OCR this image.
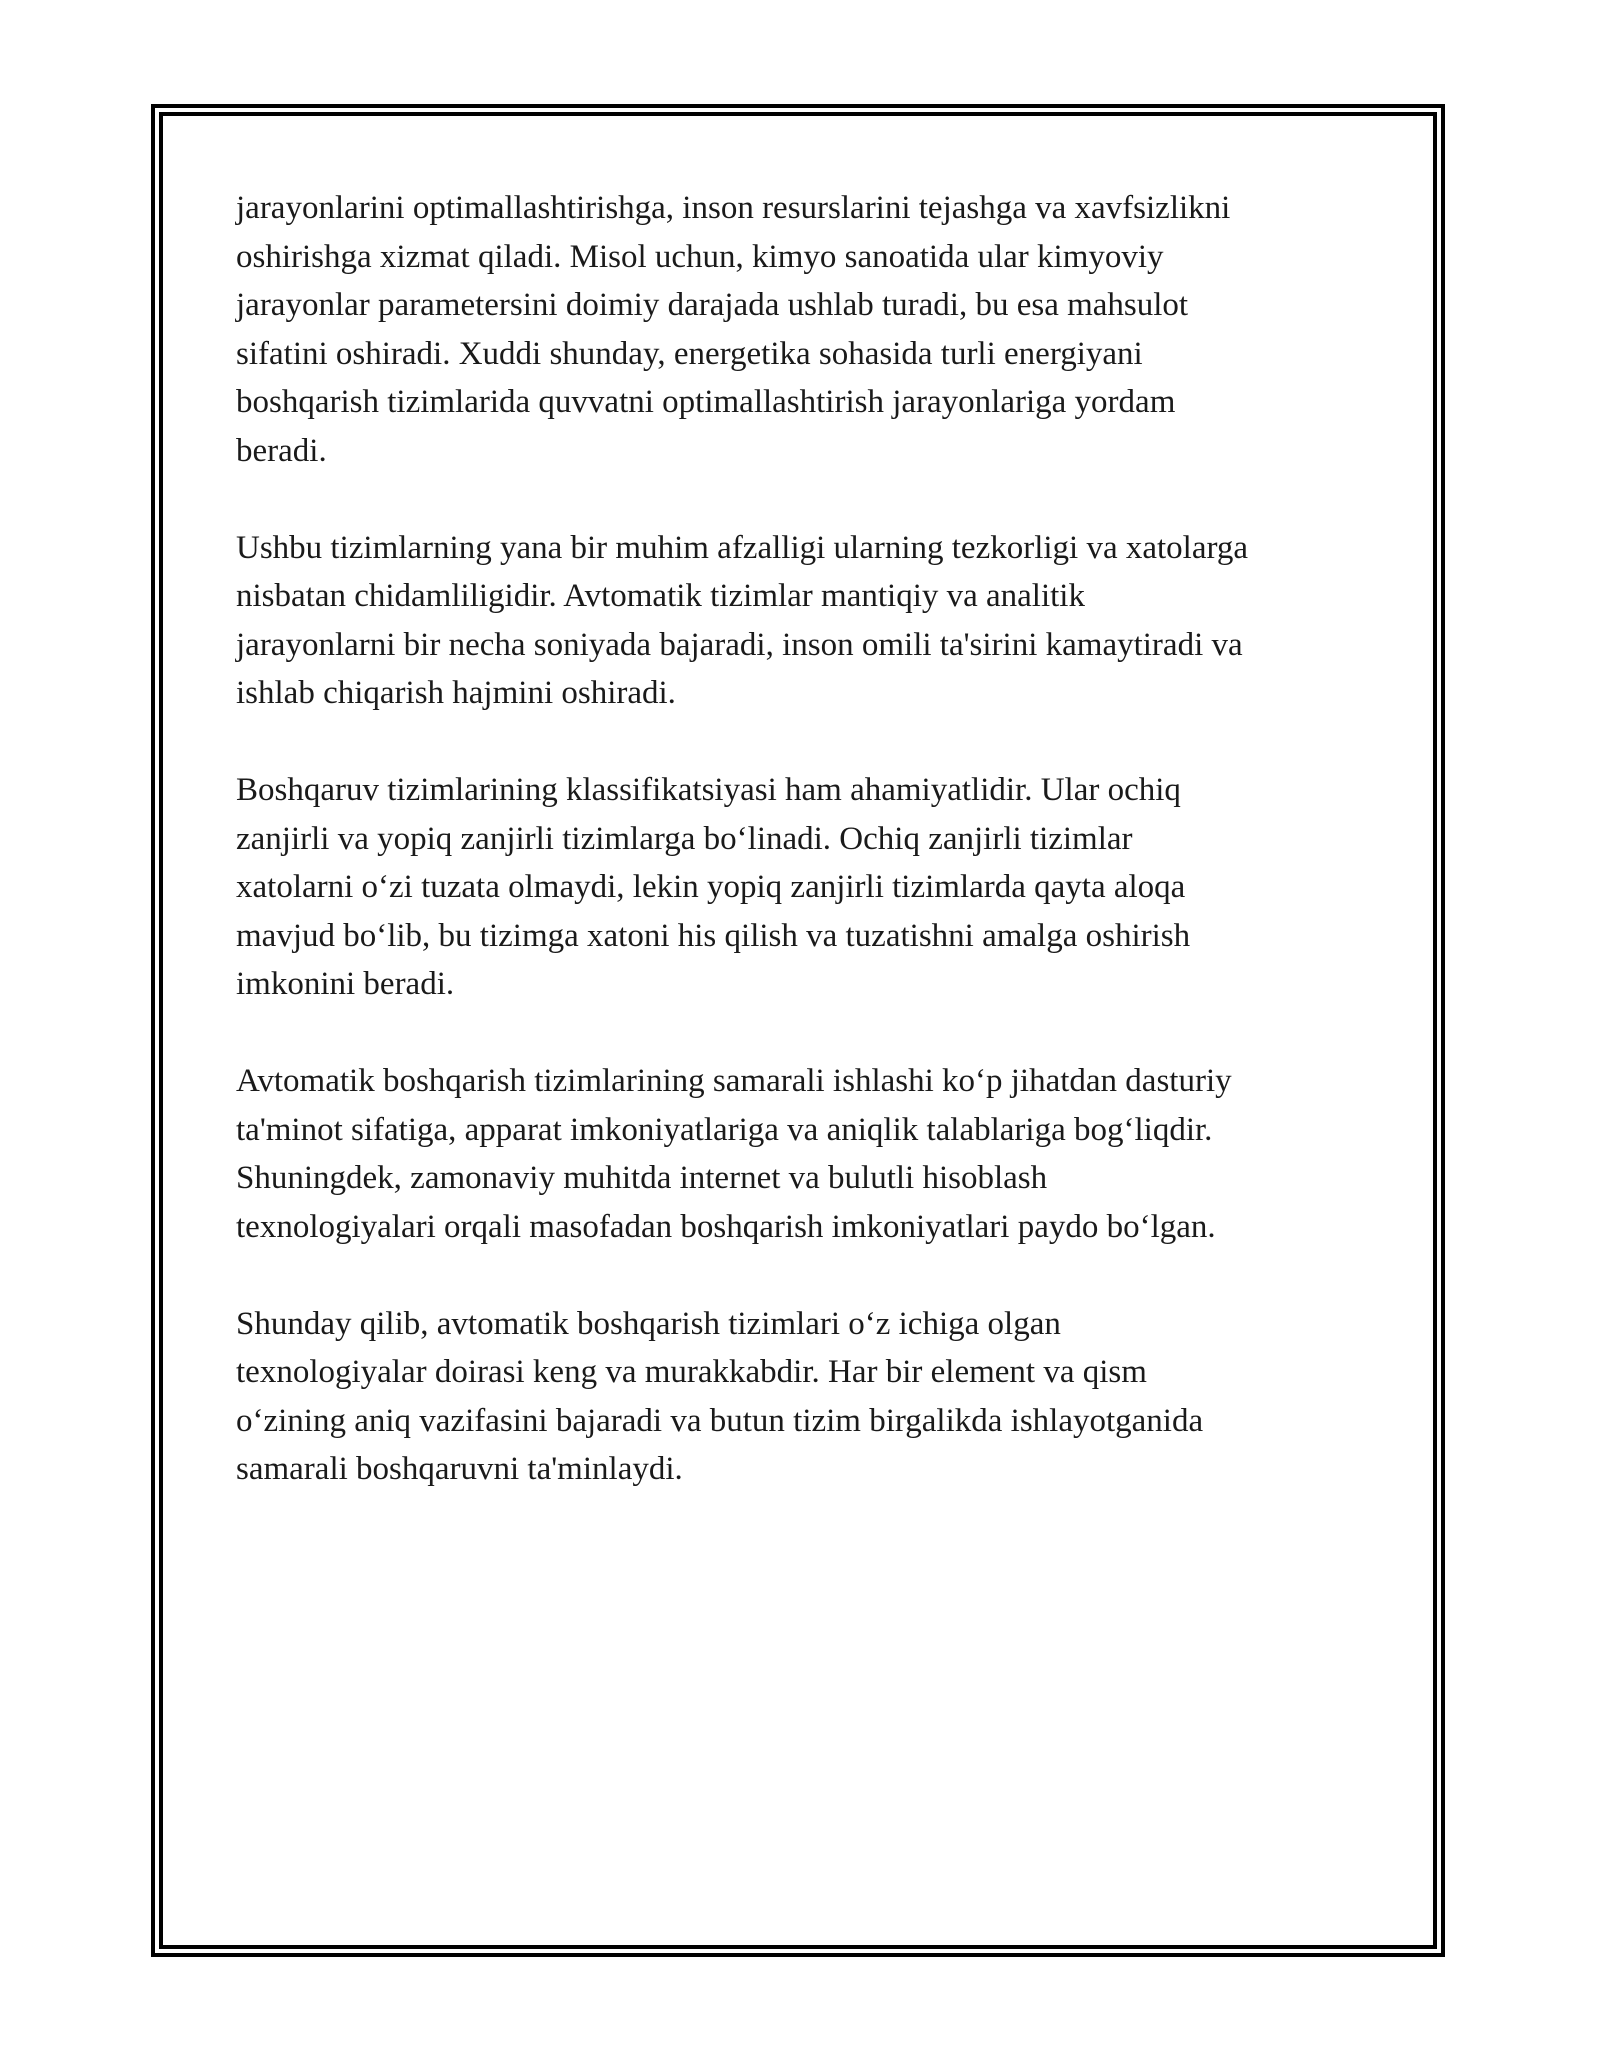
jarayonlarini optimallashtirishga, inson resurslarini tejashga va xavfsizlikni
oshirishga xizmat qiladi. Misol uchun, kimyo sanoatida ular kimyoviy
jarayonlar parametersini doimiy darajada ushlab turadi, bu esa mahsulot
sifatini oshiradi. Xuddi shunday, energetika sohasida turli energiyani
boshqarish tizimlarida quvvatni optimallashtirish jarayonlariga yordam
beradi.

Ushbu tizimlarning yana bir muhim afzalligi ularning tezkorligi va xatolarga
nisbatan chidamliligidir. Avtomatik tizimlar mantiqiy va analitik
jarayonlarni bir necha soniyada bajaradi, inson omili ta'sirini kamaytiradi va
ishlab chiqarish hajmini oshiradi.

Boshqaruv tizimlarining klassifikatsiyasi ham ahamiyatlidir. Ular ochiq
zanjirli va yopiq zanjirli tizimlarga bo‘linadi. Ochiq zanjirli tizimlar
xatolarni o‘zi tuzata olmaydi, lekin yopiq zanjirli tizimlarda qayta aloqa
mavjud bo‘lib, bu tizimga xatoni his qilish va tuzatishni amalga oshirish
imkonini beradi.

Avtomatik boshqarish tizimlarining samarali ishlashi ko‘p jihatdan dasturiy
ta'minot sifatiga, apparat imkoniyatlariga va aniqlik talablariga bog‘liqdir.
Shuningdek, zamonaviy muhitda internet va bulutli hisoblash
texnologiyalari orqali masofadan boshqarish imkoniyatlari paydo bo‘lgan.

Shunday qilib, avtomatik boshqarish tizimlari o‘z ichiga olgan
texnologiyalar doirasi keng va murakkabdir. Har bir element va qism
o‘zining aniq vazifasini bajaradi va butun tizim birgalikda ishlayotganida
samarali boshqaruvni ta'minlaydi.
